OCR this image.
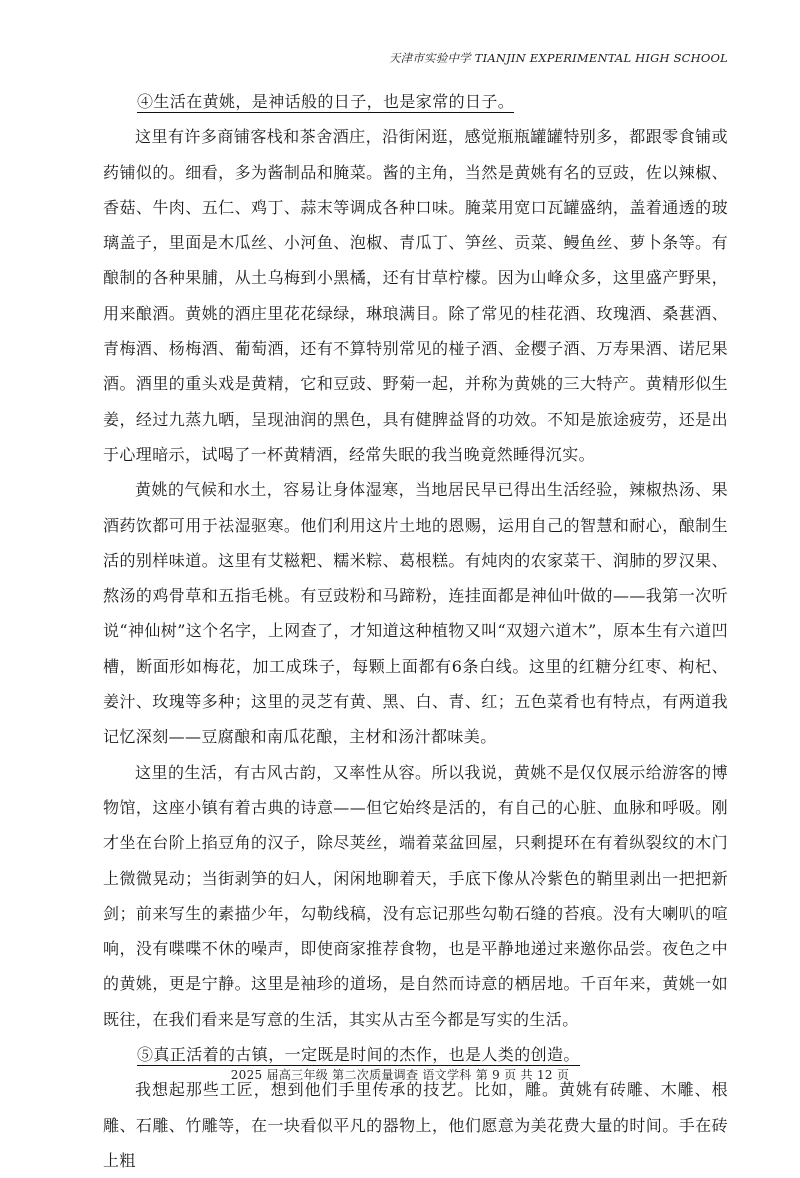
天津市实验中学 TIANJIN EXPERIMENTAL HIGH SCHOOL

④生活在黄姚，是神话般的日子，也是家常的日子。

这里有许多商铺客栈和茶舍酒庄，沿街闲逛，感觉瓶瓶罐罐特别多，都跟零食铺或药铺似的。细看，多为酱制品和腌菜。酱的主角，当然是黄姚有名的豆豉，佐以辣椒、香菇、牛肉、五仁、鸡丁、蒜末等调成各种口味。腌菜用宽口瓦罐盛纳，盖着通透的玻璃盖子，里面是木瓜丝、小河鱼、泡椒、青瓜丁、笋丝、贡菜、鳗鱼丝、萝卜条等。有酿制的各种果脯，从土乌梅到小黑橘，还有甘草柠檬。因为山峰众多，这里盛产野果，用来酿酒。黄姚的酒庄里花花绿绿，琳琅满目。除了常见的桂花酒、玫瑰酒、桑葚酒、青梅酒、杨梅酒、葡萄酒，还有不算特别常见的椪子酒、金樱子酒、万寿果酒、诺尼果酒。酒里的重头戏是黄精，它和豆豉、野菊一起，并称为黄姚的三大特产。黄精形似生姜，经过九蒸九晒，呈现油润的黑色，具有健脾益肾的功效。不知是旅途疲劳，还是出于心理暗示，试喝了一杯黄精酒，经常失眠的我当晚竟然睡得沉实。

黄姚的气候和水土，容易让身体湿寒，当地居民早已得出生活经验，辣椒热汤、果酒药饮都可用于祛湿驱寒。他们利用这片土地的恩赐，运用自己的智慧和耐心，酿制生活的别样味道。这里有艾糍粑、糯米粽、葛根糕。有炖肉的农家菜干、润肺的罗汉果、熬汤的鸡骨草和五指毛桃。有豆豉粉和马蹄粉，连挂面都是神仙叶做的——我第一次听说“神仙树”这个名字，上网查了，才知道这种植物又叫“双翅六道木”，原本生有六道凹槽，断面形如梅花，加工成珠子，每颗上面都有6条白线。这里的红糖分红枣、枸杞、姜汁、玫瑰等多种；这里的灵芝有黄、黑、白、青、红；五色菜肴也有特点，有两道我记忆深刻——豆腐酿和南瓜花酿，主材和汤汁都味美。

这里的生活，有古风古韵，又率性从容。所以我说，黄姚不是仅仅展示给游客的博物馆，这座小镇有着古典的诗意——但它始终是活的，有自己的心脏、血脉和呼吸。刚才坐在台阶上掐豆角的汉子，除尽荚丝，端着菜盆回屋，只剩提环在有着纵裂纹的木门上微微晃动；当街剥笋的妇人，闲闲地聊着天，手底下像从冷紫色的鞘里剥出一把把新剑；前来写生的素描少年，勾勒线稿，没有忘记那些勾勒石缝的苔痕。没有大喇叭的喧响，没有喋喋不休的噪声，即使商家推荐食物，也是平静地递过来邀你品尝。夜色之中的黄姚，更是宁静。这里是袖珍的道场，是自然而诗意的栖居地。千百年来，黄姚一如既往，在我们看来是写意的生活，其实从古至今都是写实的生活。

⑤真正活着的古镇，一定既是时间的杰作，也是人类的创造。

我想起那些工匠，想到他们手里传承的技艺。比如，雕。黄姚有砖雕、木雕、根雕、石雕、竹雕等，在一块看似平凡的器物上，他们愿意为美花费大量的时间。手在砖上粗

2025 届高三年级 第二次质量调查 语文学科 第 9 页 共 12 页
